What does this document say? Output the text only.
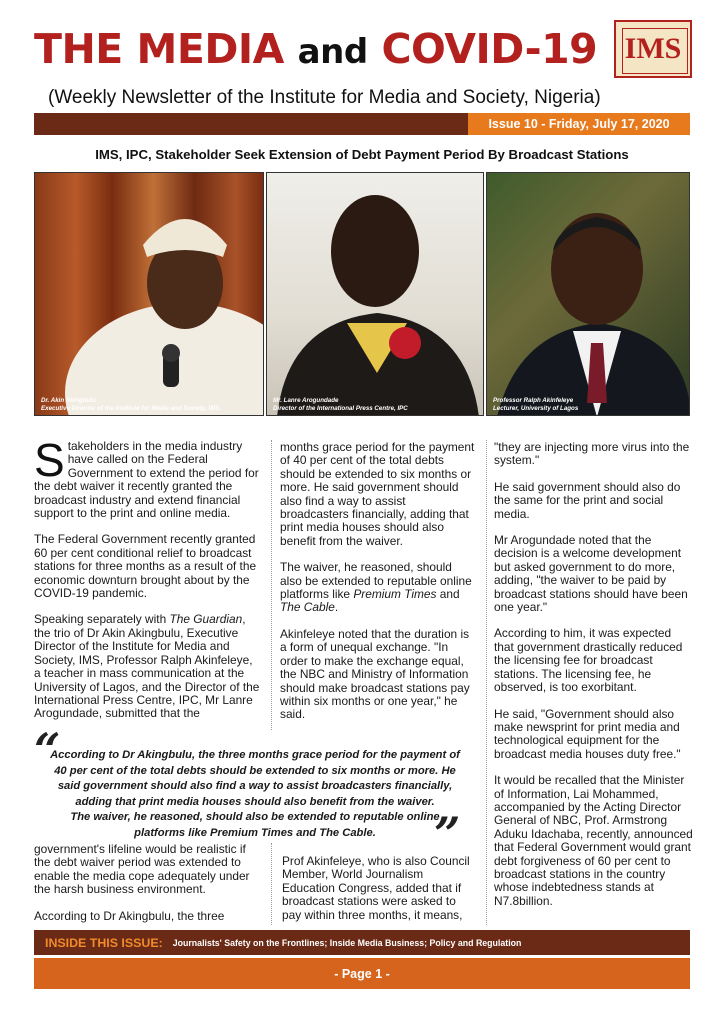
THE MEDIA and COVID-19
(Weekly Newsletter of the Institute for Media and Society, Nigeria)
IMS
Issue 10 - Friday, July 17, 2020
IMS, IPC, Stakeholder Seek Extension of Debt Payment Period By Broadcast Stations
Dr. Akin Akingbulu
Executive Director of the Institute for Media and Society, IMS
Mr. Lanre Arogundade
Director of the International Press Centre, IPC
Professor Ralph Akinfeleye
Lecturer, University of Lagos

Stakeholders in the media industry have called on the Federal Government to extend the period for the debt waiver it recently granted the broadcast industry and extend financial support to the print and online media.

The Federal Government recently granted 60 per cent conditional relief to broadcast stations for three months as a result of the economic downturn brought about by the COVID-19 pandemic.

Speaking separately with The Guardian, the trio of Dr Akin Akingbulu, Executive Director of the Institute for Media and Society, IMS, Professor Ralph Akinfeleye, a teacher in mass communication at the University of Lagos, and the Director of the International Press Centre, IPC, Mr Lanre Arogundade, submitted that the

months grace period for the payment of 40 per cent of the total debts should be extended to six months or more. He said government should also find a way to assist broadcasters financially, adding that print media houses should also benefit from the waiver.

The waiver, he reasoned, should also be extended to reputable online platforms like Premium Times and The Cable.

Akinfeleye noted that the duration is a form of unequal exchange. "In order to make the exchange equal, the NBC and Ministry of Information should make broadcast stations pay within six months or one year," he said.

"they are injecting more virus into the system."

He said government should also do the same for the print and social media.

Mr Arogundade noted that the decision is a welcome development but asked government to do more, adding, "the waiver to be paid by broadcast stations should have been one year."

According to him, it was expected that government drastically reduced the licensing fee for broadcast stations. The licensing fee, he observed, is too exorbitant.

He said, "Government should also make newsprint for print media and technological equipment for the broadcast media houses duty free."

It would be recalled that the Minister of Information, Lai Mohammed, accompanied by the Acting Director General of NBC, Prof. Armstrong Aduku Idachaba, recently, announced that Federal Government would grant debt forgiveness of 60 per cent to broadcast stations in the country whose indebtedness stands at N7.8billion.

“
According to Dr Akingbulu, the three months grace period for the payment of
40 per cent of the total debts should be extended to six months or more. He
said government should also find a way to assist broadcasters financially,
adding that print media houses should also benefit from the waiver.
The waiver, he reasoned, should also be extended to reputable online
platforms like Premium Times and The Cable.	”

government's lifeline would be realistic if the debt waiver period was extended to enable the media cope adequately under the harsh business environment.

According to Dr Akingbulu, the three

Prof Akinfeleye, who is also Council Member, World Journalism Education Congress, added that if broadcast stations were asked to pay within three months, it means,

INSIDE THIS ISSUE:	Journalists' Safety on the Frontlines; Inside Media Business; Policy and Regulation
- Page 1 -
